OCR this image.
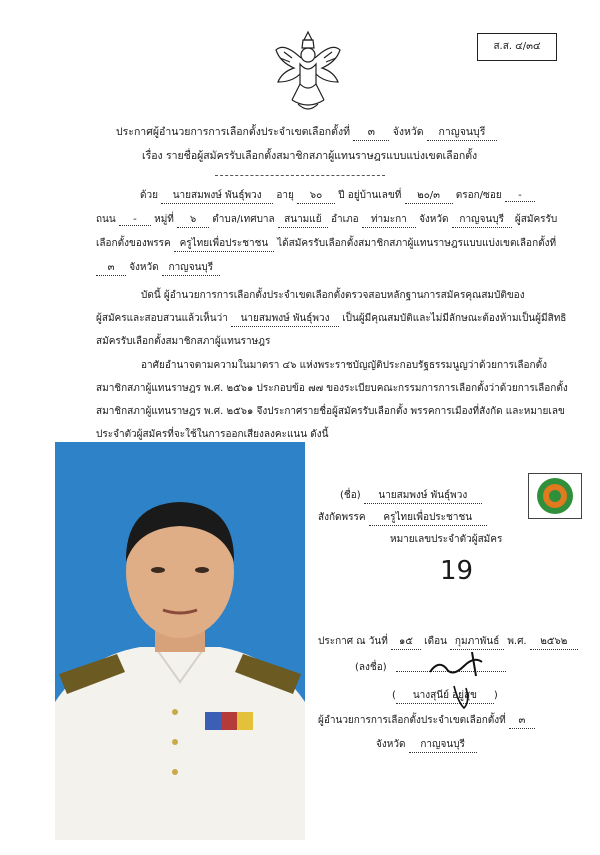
ส.ส. ๔/๓๔
ประกาศผู้อำนวยการการเลือกตั้งประจำเขตเลือกตั้งที่ ๓ จังหวัด กาญจนบุรี
เรื่อง รายชื่อผู้สมัครรับเลือกตั้งสมาชิกสภาผู้แทนราษฎรแบบแบ่งเขตเลือกตั้ง
ด้วย นายสมพงษ์ พันธุ์พวง อายุ ๖๐ ปี อยู่บ้านเลขที่ ๒๐/๓ ตรอก/ซอย -
ถนน - หมู่ที่ ๖ ตำบล/เทศบาล สนามแย้ อำเภอ ท่ามะกา จังหวัด กาญจนบุรี ผู้สมัครรับ
เลือกตั้งของพรรค ครูไทยเพื่อประชาชน ได้สมัครรับเลือกตั้งสมาชิกสภาผู้แทนราษฎรแบบแบ่งเขตเลือกตั้งที่
๓ จังหวัด กาญจนบุรี
บัดนี้ ผู้อำนวยการการเลือกตั้งประจำเขตเลือกตั้งตรวจสอบหลักฐานการสมัครคุณสมบัติของ
ผู้สมัครและสอบสวนแล้วเห็นว่า นายสมพงษ์ พันธุ์พวง เป็นผู้มีคุณสมบัติและไม่มีลักษณะต้องห้ามเป็นผู้มีสิทธิ
สมัครรับเลือกตั้งสมาชิกสภาผู้แทนราษฎร
อาศัยอำนาจตามความในมาตรา ๔๖ แห่งพระราชบัญญัติประกอบรัฐธรรมนูญว่าด้วยการเลือกตั้ง
สมาชิกสภาผู้แทนราษฎร พ.ศ. ๒๕๖๑ ประกอบข้อ ๗๗ ของระเบียบคณะกรรมการการเลือกตั้งว่าด้วยการเลือกตั้ง
สมาชิกสภาผู้แทนราษฎร พ.ศ. ๒๕๖๑ จึงประกาศรายชื่อผู้สมัครรับเลือกตั้ง พรรคการเมืองที่สังกัด และหมายเลข
ประจำตัวผู้สมัครที่จะใช้ในการออกเสียงลงคะแนน ดังนี้
(ชื่อ) นายสมพงษ์ พันธุ์พวง
สังกัดพรรค ครูไทยเพื่อประชาชน
หมายเลขประจำตัวผู้สมัคร
19
ประกาศ ณ วันที่ ๑๕ เดือน กุมภาพันธ์ พ.ศ. ๒๕๖๒
(ลงชื่อ)
( นางสุนีย์ อยู่สุข )
ผู้อำนวยการการเลือกตั้งประจำเขตเลือกตั้งที่ ๓
จังหวัด กาญจนบุรี
